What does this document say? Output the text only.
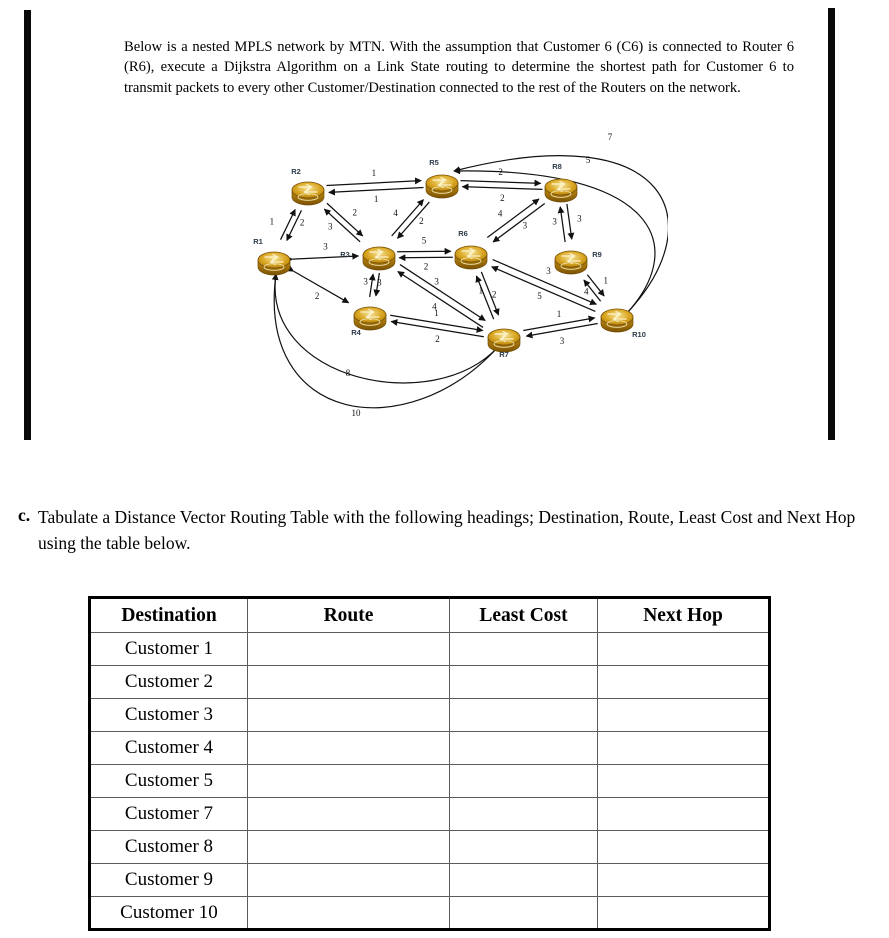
Below is a nested MPLS network by MTN. With the assumption that Customer 6 (C6) is connected to Router 6 (R6), execute a Dijkstra Algorithm on a Link State routing to determine the shortest path for Customer 6 to transmit packets to every other Customer/Destination connected to the rest of the Routers on the network.

1	2
3
2
1
1
2
3
4
2
3 3
5
2
3
4
1
2
2
2
4
3
1 2
3
5
3
3
1
4
1
3
7
5
8
10
R1
R2
R3
R4
R5
R6
R7
R8
R9
R10
c. Tabulate a Distance Vector Routing Table with the following headings; Destination, Route, Least Cost and Next Hop using the table below.
Destination	Route	Least Cost	Next Hop
Customer 1			
Customer 2			
Customer 3			
Customer 4			
Customer 5			
Customer 7			
Customer 8			
Customer 9			
Customer 10			
